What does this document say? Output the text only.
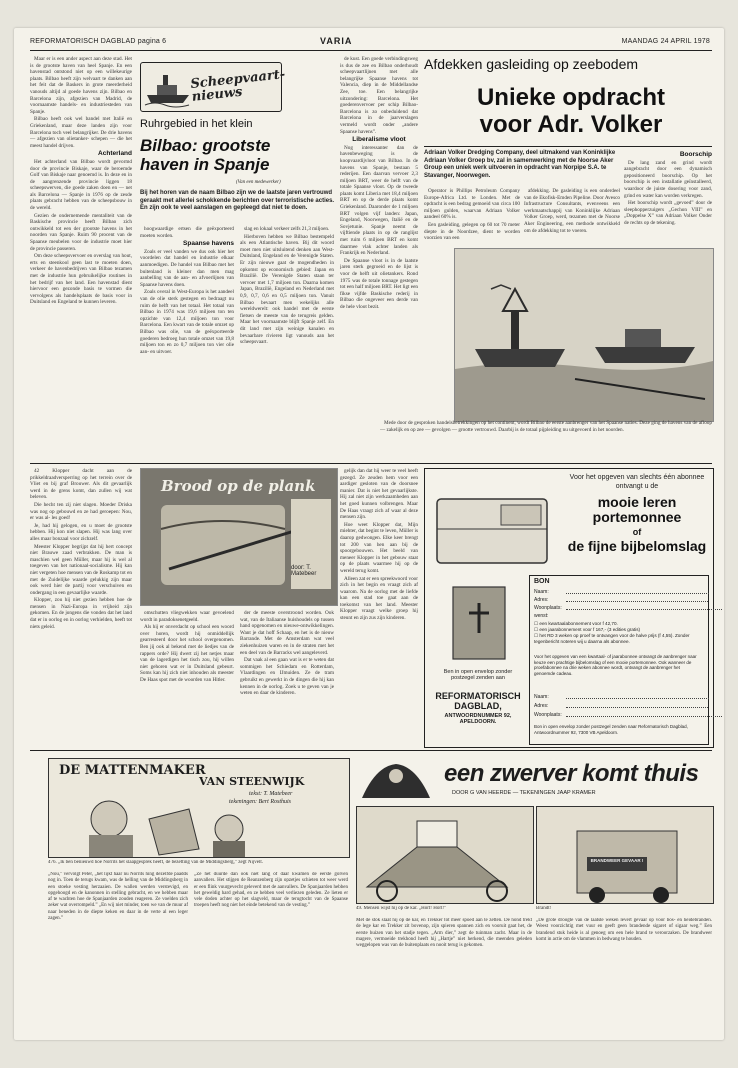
REFORMATORISCH DAGBLAD pagina 6	VARIA	MAANDAG 24 APRIL 1978

Maar er is een ander aspect aan deze stad. Het is de grootste haven van heel Spanje. En een havenstad ontstond niet op een willekeurige plaats. Bilbao heeft zijn welvaart te danken aan het feit dat de Baskers in grote meerderheid vanouds altijd al goede havens zijn. Bilbao en Barcelona zijn, afgezien van Madrid, de voornaamste handels- en industriesteden van Spanje.

Bilbao heeft ook wel bandel met Italië en Griekenland, maar deze landen zijn voor Barcelona toch veel belangrijker. De drie havens — afgezien van olietanker- schepen — die het meest handel drijven.

Achterland

Het achterland van Bilbao wordt gevormd door de provincie Biskaje, waar de beroemde Golf van Biskaje naar genoemd is. In deze en in de aangrenzende provincie liggen 18 scheepswerven, die goede zaken doen en — net als Barcelona — Spanje in 1976 op de zesde plaats gebracht hebben van de scheepsbouw in de wereld.

Gezien de ondernemende mentaliteit van de Baskische provincie heeft Bilbao zich ontwikkeld tot een der grootste havens in het noorden van Spanje. Ruim 90 procent van de Spaanse meubelen voor de industrie moet hier de provincie passeren.

Om deze scheepsvervoer en overslag van hout, erts en steenkool geen last te moeten doen, verkeer de havenbedrijven van Bilbao tezamen met de industrie hun gebruikelijke routines in het bedrijf van het land. Een havenstad dient hiervoor een gezonde basis te vormen die vervolgens als handelsplaats de basis voor in Duitsland en Engeland te kunnen leveren.

Scheepvaart-nieuws
Ruhrgebied in het klein
Bilbao: grootste haven in Spanje
(Van een medewerker)
Bij het horen van de naam Bilbao zijn we de laatste jaren vertrouwd geraakt met allerlei schokkende berichten over terroristische acties. En zijn ook te veel aanslagen en gepleegd dat niet te doen.

hoogwaardige ertsen die geëxporteerd moeten worden.

Spaanse havens

Zoals er veel vanden we dus ook hier het voordelen dat handel en industrie elkaar aanmoedigen. De handel van Bilbao met het buitenland is kleiner dan men mag aanbelling van de aan- en afvoerlijnen van Spaanse havens doen.

Zoals overal in West-Europa is het aandeel van de olie sterk gestegen en bedraagt nu ruim de helft van het totaal. Het totaal van Bilbao in 1974 was 19,6 miljoen ton ten opzichte van 12,4 miljoen ton voor Barcelona. Een kwart van de totale omzet op Bilbao was olie, van de geëxporteerde goederen bedroeg hun totale omzet van 19,8 miljoen ton en zo 0,7 miljoen ton vier olie aan- en uitvoer.

slag en lokaal verkeer zelfs 21,3 miljoen.

Hierboven hebben we Bilbao bestempeld als een Atlantische haven. Bij dit woord moet men niet uitsluitend denken aan West-Duitsland, Engeland en de Verenigde Staten. Er zijn nieuwe gaat de mogendheden in opkomst op economisch gebied: Japan en Brazilië. De Verenigde Staten staan ter vervoer met 1,7 miljoen ton. Daarna komen Japan, Brazilië, Engeland en Nederland met 0,9, 0,7, 0,6 en 0,5 miljoen ton. Vanuit Bilbao bevaart men wekelijks alle wereldwerelt: ook handel met de eerste fietsen de meeste van de terugreis gelden. Maar het voornaamste blijft Spanje zelf. En dit land met zijn weinige kanalen en bevaarbare rivieren ligt vanouds aan het scheepsvaart.

de kust. Een goede verbindingsweg is dus de zee en Bilbao onderhoudt scheepvaartlijnen met alle belangrijke Spaanse havens tot Valencia, diep in de Middellandse Zee, toe. Een belangrijke uitzondering: Barcelona. Het goederenvervoer per schip Bilbao-Barcelona is zo onbeduidend dat Barcelona in de jaarverslagen vermeld wordt onder „andere Spaanse havens”.

Liberalisme vloot

Nog interessanter dan de havenbeweging is de koopvaardijvloot van Bilbao. In de havens van Spanje, bestaan 5 rederijen. Een daarvan vervoer 2,3 miljoen BRT, weer de helft van de totale Spaanse vloot. Op de tweede plaats komt Liberia met 18,4 miljoen BRT en op de derde plaats komt Griekenland. Daaronder de 1 miljoen BRT volgen vijf landen: Japan, Engeland, Noorwegen, Italië en de Sovjetunie. Spanje neemt de vijftiende plaats in op de ranglijst met ruim 6 miljoen BRT en komt daarmee vlak achter landen als Frankrijk en Nederland.

De Spaanse vloot is in de laatste jaren sterk gegroeid en de lijst is voor de helft uit olietankers. Rond 1975 was de totale tonnage gestegen tot een half miljoen BRT. Het ligt een fikse vijfde Baskische rederij in Bilbao die ongeveer een derde van de hele vloot bezit.

Afdekken gasleiding op zeebodem
Unieke opdracht
voor Adr. Volker
Adriaan Volker Dredging Company, deel uitmakend van Koninklijke Adriaan Volker Groep bv, zal in samenwerking met de Noorse Aker Group een uniek werk uitvoeren in opdracht van Norpipe S.A. te Stavanger, Noorwegen.
Boorschip

De lang zand en grind wordt aangebracht door een dynamisch gepositioneerd boorschip. Op het boorschip is een installatie geïnstalleerd, waardoor de juiste dosering voor zand, grind en water kan worden verkregen.

Het boorschip wordt „gevoed” door de sleephopperzuigers „Gechon VIII” en „Doppelse X” van Adriaan Volker Onder de rechts op de tekening.

Operator is Phillips Petroleum Company Europe-Africa Ltd. te Londen. Met de opdracht is een bedrag gemoeid van circa 100 miljoen gulden, waarvan Adriaan Volker aandeel 60% is.

Een gasleiding, gelegen op 60 tot 70 meter diepte in de Noordzee, dient te worden voorzien van een

afdekking. De gasleiding is een onderdeel van de Ekofisk-Emden Pipeline. Door Avesco Infrastructure Consultants, evenveens een werkmaatschappij van Koninklijke Adriaan Volker Groep, werd, tezamen met de Noorse Aker Engineering, een methode ontwikkeld om de afdekking tot te voeren.

Mede door de gesproken handelsbetrekkingen op het continent, wordt Bilbao de eerste aanbrenger van het Spaanse naties. Deze ging de havens van de afloop — zakelijk en op zee — gevolgen — grootte vertrouwd. Daarbij is de totaal pijpleiding nu uitgevoerd in het noorden.

42 Klopper dacht aan de prikkeldraadversperring op het terrein over de Vliet en bij graf Brouwer. Als dit gevaarlijk werd in de grens komt, dan zullen wij wat beleven.

Die hecht ten zij niet slagen. Moeder Driska was nog op gebouwd en ze had geroepen: Nou, er was al- les goed!

Je, had hij gelogen, en u moet de grootste hebben. Hij kon niet slapen. Hij was lang over alles maar bonzaal voor zichzelf.

Meester Klopper begrijpt dat hij hert concept niet Brauwe zaad verbrakken. De man is maschien wel geen Müller, maar hij is wel al toegeven van het nationaal-socialisme. Hij kan niet vergeten hoe mensen van de Roskamp tot en met de Zuidelijke waarde gelukkig zijn maar ook werd hier de partij voor verschuiven en ondergang in een gevaarlijke waarde.

Klopper, zou hij niet gezien hebben hoe de mensen in Nazi-Europa in vrijheid zijn gekomen. En de jongens die vonden dat het land dat er in oorlog en in oorlog verhielden, heeft tot niets geleid.

Brood op de plank
door: T. Matebeer

omschutten vliegwekken waar gevoelend wordt in paradoksenetgeeld.

Als hij er onverdacht op school een woord over horen, wordt hij onmiddellijk gearresteerd door het school overgenomen. Ben jij ook al bekend met de liedjes van de rappers orde? Hij dwert zij het netjes maar van de lagerdigen het tisch zou, hij willen niet gehoren wat er in Duitsland gebeurt. Soms kan hij zich niet inhouden als meester De Haas spot met de woorden van Hitler.

der de meeste overstroond worden. Ook wat, van de Italiaanse huishoudels op tussen hand opgenomen en nieuwe-ontwikkelingen. Want je dat hoff Schaap, en het is de nieuw Barrande. Met de Amsterdam wat veel ziekenhuizen waren en in de straten met het een deel van de Barracks wel aangeleverd.

Dat vaak al een gaan wat is er te weten dat sommigen het Schiedam en Rotterdam, Vlaardingen en IJmuiden. Ze de tram gebruikt en gewerkt in de dingen die hij kan kennen in de oorlog. Zoek u te geven van je weten en daar de kinderen.

gelijk dan dat hij weer te veel heeft gezegd. Ze zeuden hem voor een aardiger gesloten van de doorsnee manier. Dat is niet het gevaarlijkste. Hij zal niet zijn werkzaamheden aan het goed kunnen volbrengen. Maar De Haas vraagt zich af waar al deze mensen zijn.

Hoe weet Klopper dat, Mijn miehter, dat begint te leven, Müller is daarop gedwongen. Elke keer brengt tot 200 van hen aan bij de spoorgebouwen. Het beeld van meneer Klopper in het gebouw staat op de plaats waarmee hij op de wereld terug komt.

Alleen zat er een spreekwoord voor zich in het begin en vraagt zich af waarom. Na de oorlog met de liefde kan een stad toe gaat aan de toekomst van het land. Meester Klopper vraagt welke groep hij steunt en zijn zus zijn kinderen.

Voor het opgeven van slechts één abonnee ontvangt u de
mooie leren portemonnee
of
de fijne bijbelomslag
Ben in open envelop zonder postzegel zenden aan
REFORMATORISCH DAGBLAD,
ANTWOORDNUMMER 92, APELDOORN.
BON
Naam:
Adres:
Woonplaats:
wenst:
☐ een kwartaalabonnement voor f 42,70.
☐ een jaarabonnement voor f 167,- (3 edities gratis)
☐ het RD 3 weken op proef te ontvangen voor de halve prijs (f 4,55). Zonder tegenbericht noteren wij u daarna als abonnee.
Voor het opgeven van een kwartaal- of jaarabonnee ontvangt de aanbrenger naar keuze een prachtige bijbelomslag of een mooie portemonnee. Ook wanneer de proefabonnee na drie weken abonnee wordt, ontvangt de aanbrenger het genoemde cadeau.
Naam:
Adres:
Woonplaats:
Bon in open envelop zonder postzegel zenden naar Reformatorisch Dagblad, Antwoordnummer 92, 7300 VB Apeldoorn.
DE MATTENMAKER
VAN STEENWIJK
tekst: T. Matebeer
tekeningen: Bert Rosthuis
476. „Ik ben benieuwd hoe Norrits het slaapgesprek heeft, de bezetting van de Middingsberg,” zegt Nijvelt.
„Nou,” vervolgt Peter, „het lijkt haar nu Norrits hing dezelfde paadds nog in. Toen de terugs kwam, was de helling van de Middingsberg in een stoeke vesting herzaaien. De wallen werden verstevigd, en opgehoogd en de kanonnen in stelling gebracht, en we hebben maar af te wachten hoe de Spanjaarden zouden reageren. Ze voelden zich zeker wat overrompeld.” „En wij niet minder, toen we van de muur af naar beneden in de diepte keken en daar in de verte al een leger zagen.”
„Ze het duurde dan ook niet lang of daar kwamen de eerste golven aanvallers. Het stijgen de Reanzenberg zijn opzetjes schieten tot weer werd er een flink vuurgevecht geleverd met de aanvallers. De Spanjaarden hebben het geweldig hard gehad, en ze hebben veel verliezen geleden. Ze lieten er vele doden achter op het slagveld, maar de terugtocht van de Spaanse troepen heeft nog niet het einde betekend van de vesting.”
een zwerver komt thuis
DOOR G VAN HEERDE — TEKENINGEN JAAP KRAMER
BRANDWEER GEVAAR !
49. Mensen wijst hij op de kar. „Hort! Hort!”	Brandt!
Met de stok slaat hij op de kar, en Trekker tot meer spoed aan te zetten. De hond trekt de lege kar en Trekker zit bovenop, zijn spieren spannen zich en vooruit gaat het, de eerste huizen van het stadje tegen. „Arm dier,” zegt de tuinman zacht. Maar in de magere, vermoeide trekhond heeft hij „Hartje” niet herkend, die meenden geleden weggelopen was van de buitenplaats en nooit terug is gekomen.
„De grote droogte van de laatste weken levert gevaar op voor bos- en heidebranden. Weest voorzichtig met vuur en geeft geen brandende sigaret of sigaar weg.” Een brandend stuk heide is al genoeg om een hele brand te veroorzaken. De brandweer komt in actie om de vlammen in bedwang te houden.
